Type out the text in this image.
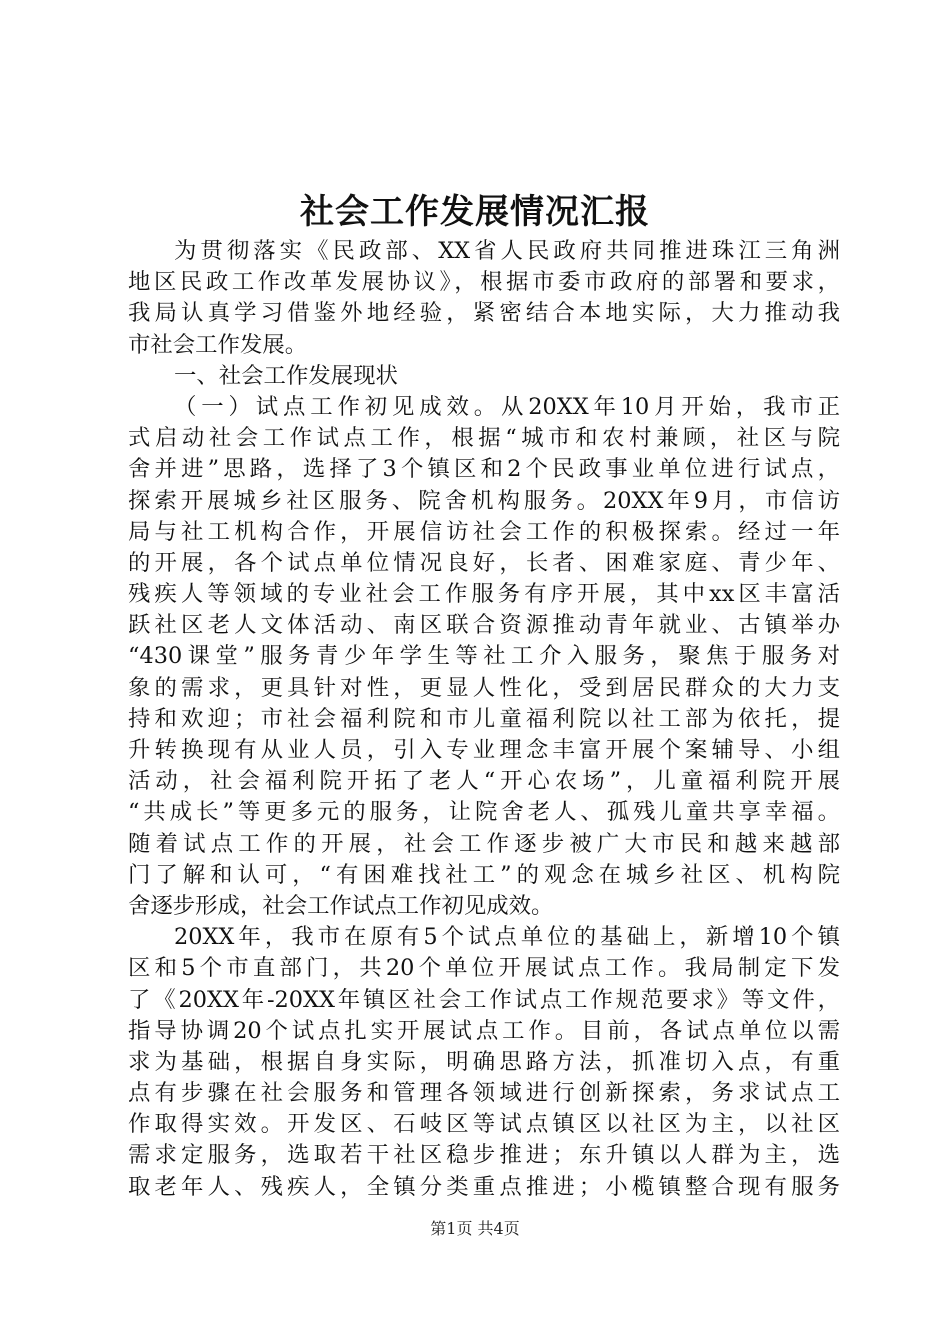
社会工作发展情况汇报
为贯彻落实《民政部、XX省人民政府共同推进珠江三角洲
地区民政工作改革发展协议》，根据市委市政府的部署和要求，
我局认真学习借鉴外地经验，紧密结合本地实际，大力推动我
市社会工作发展。
一、社会工作发展现状
（一）试点工作初见成效。从20XX年10月开始，我市正
式启动社会工作试点工作，根据“城市和农村兼顾，社区与院
舍并进”思路，选择了3个镇区和2个民政事业单位进行试点，
探索开展城乡社区服务、院舍机构服务。20XX年9月，市信访
局与社工机构合作，开展信访社会工作的积极探索。经过一年
的开展，各个试点单位情况良好，长者、困难家庭、青少年、
残疾人等领域的专业社会工作服务有序开展，其中xx区丰富活
跃社区老人文体活动、南区联合资源推动青年就业、古镇举办
“430课堂”服务青少年学生等社工介入服务，聚焦于服务对
象的需求，更具针对性，更显人性化，受到居民群众的大力支
持和欢迎；市社会福利院和市儿童福利院以社工部为依托，提
升转换现有从业人员，引入专业理念丰富开展个案辅导、小组
活动，社会福利院开拓了老人“开心农场”，儿童福利院开展
“共成长”等更多元的服务，让院舍老人、孤残儿童共享幸福。
随着试点工作的开展，社会工作逐步被广大市民和越来越部
门了解和认可，“有困难找社工”的观念在城乡社区、机构院
舍逐步形成，社会工作试点工作初见成效。
20XX年，我市在原有5个试点单位的基础上，新增10个镇
区和5个市直部门，共20个单位开展试点工作。我局制定下发
了《20XX年-20XX年镇区社会工作试点工作规范要求》等文件，
指导协调20个试点扎实开展试点工作。目前，各试点单位以需
求为基础，根据自身实际，明确思路方法，抓准切入点，有重
点有步骤在社会服务和管理各领域进行创新探索，务求试点工
作取得实效。开发区、石岐区等试点镇区以社区为主，以社区
需求定服务，选取若干社区稳步推进；东升镇以人群为主，选
取老年人、残疾人，全镇分类重点推进；小榄镇整合现有服务
第1页 共4页
